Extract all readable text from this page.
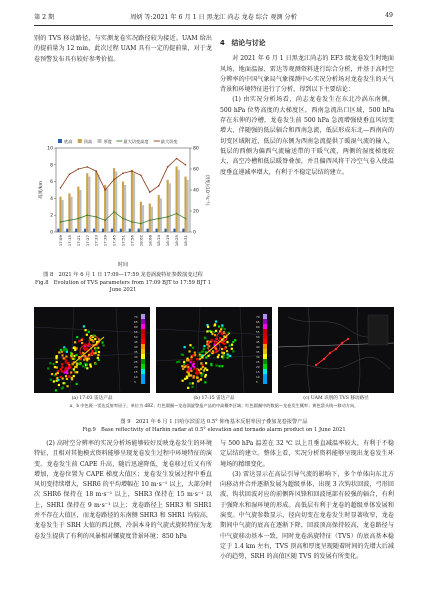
第 2 期	周炳 等:2021 年 6 月 1 日 黑龙江 尚志 龙卷 综合 观测 分析	49

别的 TVS 移动路径，与实测龙卷实况路径较为接近。UAM 给出的提前量为 12 min，此次过程 UAM 具有一定的提前量，对于龙卷预警发布具有较好参考价值。

底高	顶高	厚度	最大切变高度	最大切变
0
2
4
6
8
10
0
20
40
60
80
高度/km	切变/(10⁻³s⁻¹)
时间
17:09 17:15 17:21 17:27 17:33 17:39 17:45 17:51 17:56 18:02 18:08 18:14 18:19 18:25 18:31
图 8　2021 年 6 月 1 日 17:09—17:59 龙卷涡旋特征参数演变过程
Fig.8　Evolution of TVS parameters from 17:09 BJT to 17:59 BJT 1 June 2021
4　结论与讨论

对 2021 年 6 月 1 日黑龙江尚志的 EF3 级龙卷发生时地面风场、地面温湿、雷达等观测资料进行综合分析，并基于高时空分辨率的中国气象局气象探测中心实况分析场对龙卷发生的天气背景和环境特征进行了分析，得到以下主要结论：

(1) 由实况分析场看，尚志龙卷发生在东北冷涡东南侧，500 hPa 位势高度的大梯度区，西南急流出口区域，500 hPa 存在东伸的冷槽，龙卷发生前 500 hPa 急流增强使垂直风切变增大，伴随强的低层辐合和西南急流，低层形成东北—西南向的切变区域附近，低层的东侧为西南急流提供了暖湿气流的输入，低层的西侧为偏西气流输送带的干暖气流，两侧的湿度梯度较大，高空冷槽和低层暖脊叠加，并且偏西风将干冷空气卷入使温度垂直递减率增大，有利于不稳定层结的建立。

70
65
60
55
50
45
40
35
30
25
20
15
10
5
70
65
60
55
50
45
40
35
30
25
20
15
10
5
(a) 17:03 雷达产品	(b) 17:15 雷达产品	(c) UAM 识别的 TVS 移动路径
a、b 中色斑一雷达反射率因子，单位为 dBZ；红色圆圈—龙卷涡旋警报产品的中高概率区域；红色圆圈中的数据—龙卷发生概率；黄色箭头线—移动方向。
图 9　2021 年 6 月 1 日哈尔滨雷达 0.5° 仰角基本反射率因子叠加龙卷报警产品
Fig.9　Base reflectivity of Harbin radar at 0.5° elevation and tornado alarm product on 1 June 2021

(2) 高时空分辨率的实况分析场能够较好反映龙卷发生的环境特征，且相对其他模式资料能够呈现龙卷发生过程中环境特征的演变。龙卷发生前 CAPE 升高，随后迅速降低，龙卷移过后又有所增加，龙卷位置为 CAPE 梯度大值区；龙卷发生发展过程中垂直风切变持续增大，SHR6 的平均增幅在 10 m·s⁻¹ 以上，大部分时次 SHR6 保持在 18 m·s⁻¹ 以上，SHR3 保持在 15 m·s⁻¹ 以上，SHR1 保持在 9 m·s⁻¹ 以上；龙卷路径上 SHR3 和 SHR1 并不存在大值区，而龙卷路径的东南侧 SHR3 和 SHR1 均较高，龙卷发生于 SRH 大值的西北侧，冷涡本身的气旋式旋转特征为龙卷发生提供了有利的风暴相对螺旋度背景环境；850 hPa

与 500 hPa 温差在 32 ℃ 以上且垂直减温率较大，有利于不稳定层结的建立。整体上看，实况分析资料能够呈现出龙卷发生环境场的精细变化。

(3) 雷达显示在高层引导气流的影响下，多个单体向东北方向移动并合并逐渐发展为超级单体，出现 3 次钩状回波，弓形回波、钩状回波对应的前侧阵风锋和回波尾部有较强的辐合，有利于强降水和湿环境的形成。高低层有利于龙卷的超级单体发展和演变。中气旋参数显示，径向切变在龙卷发生时显著收窄，龙卷期间中气旋的底高在逐渐下降，回波顶高保持较高，龙卷路径与中气旋移动基本一致，同时龙卷涡旋特征（TVS）的底高基本稳定于 1.4 km 左右，TVS 顶高和厚度呈现随着时间的先增大后减小的趋势，SRH 的高值区随 TVS 的发展有所变化。
